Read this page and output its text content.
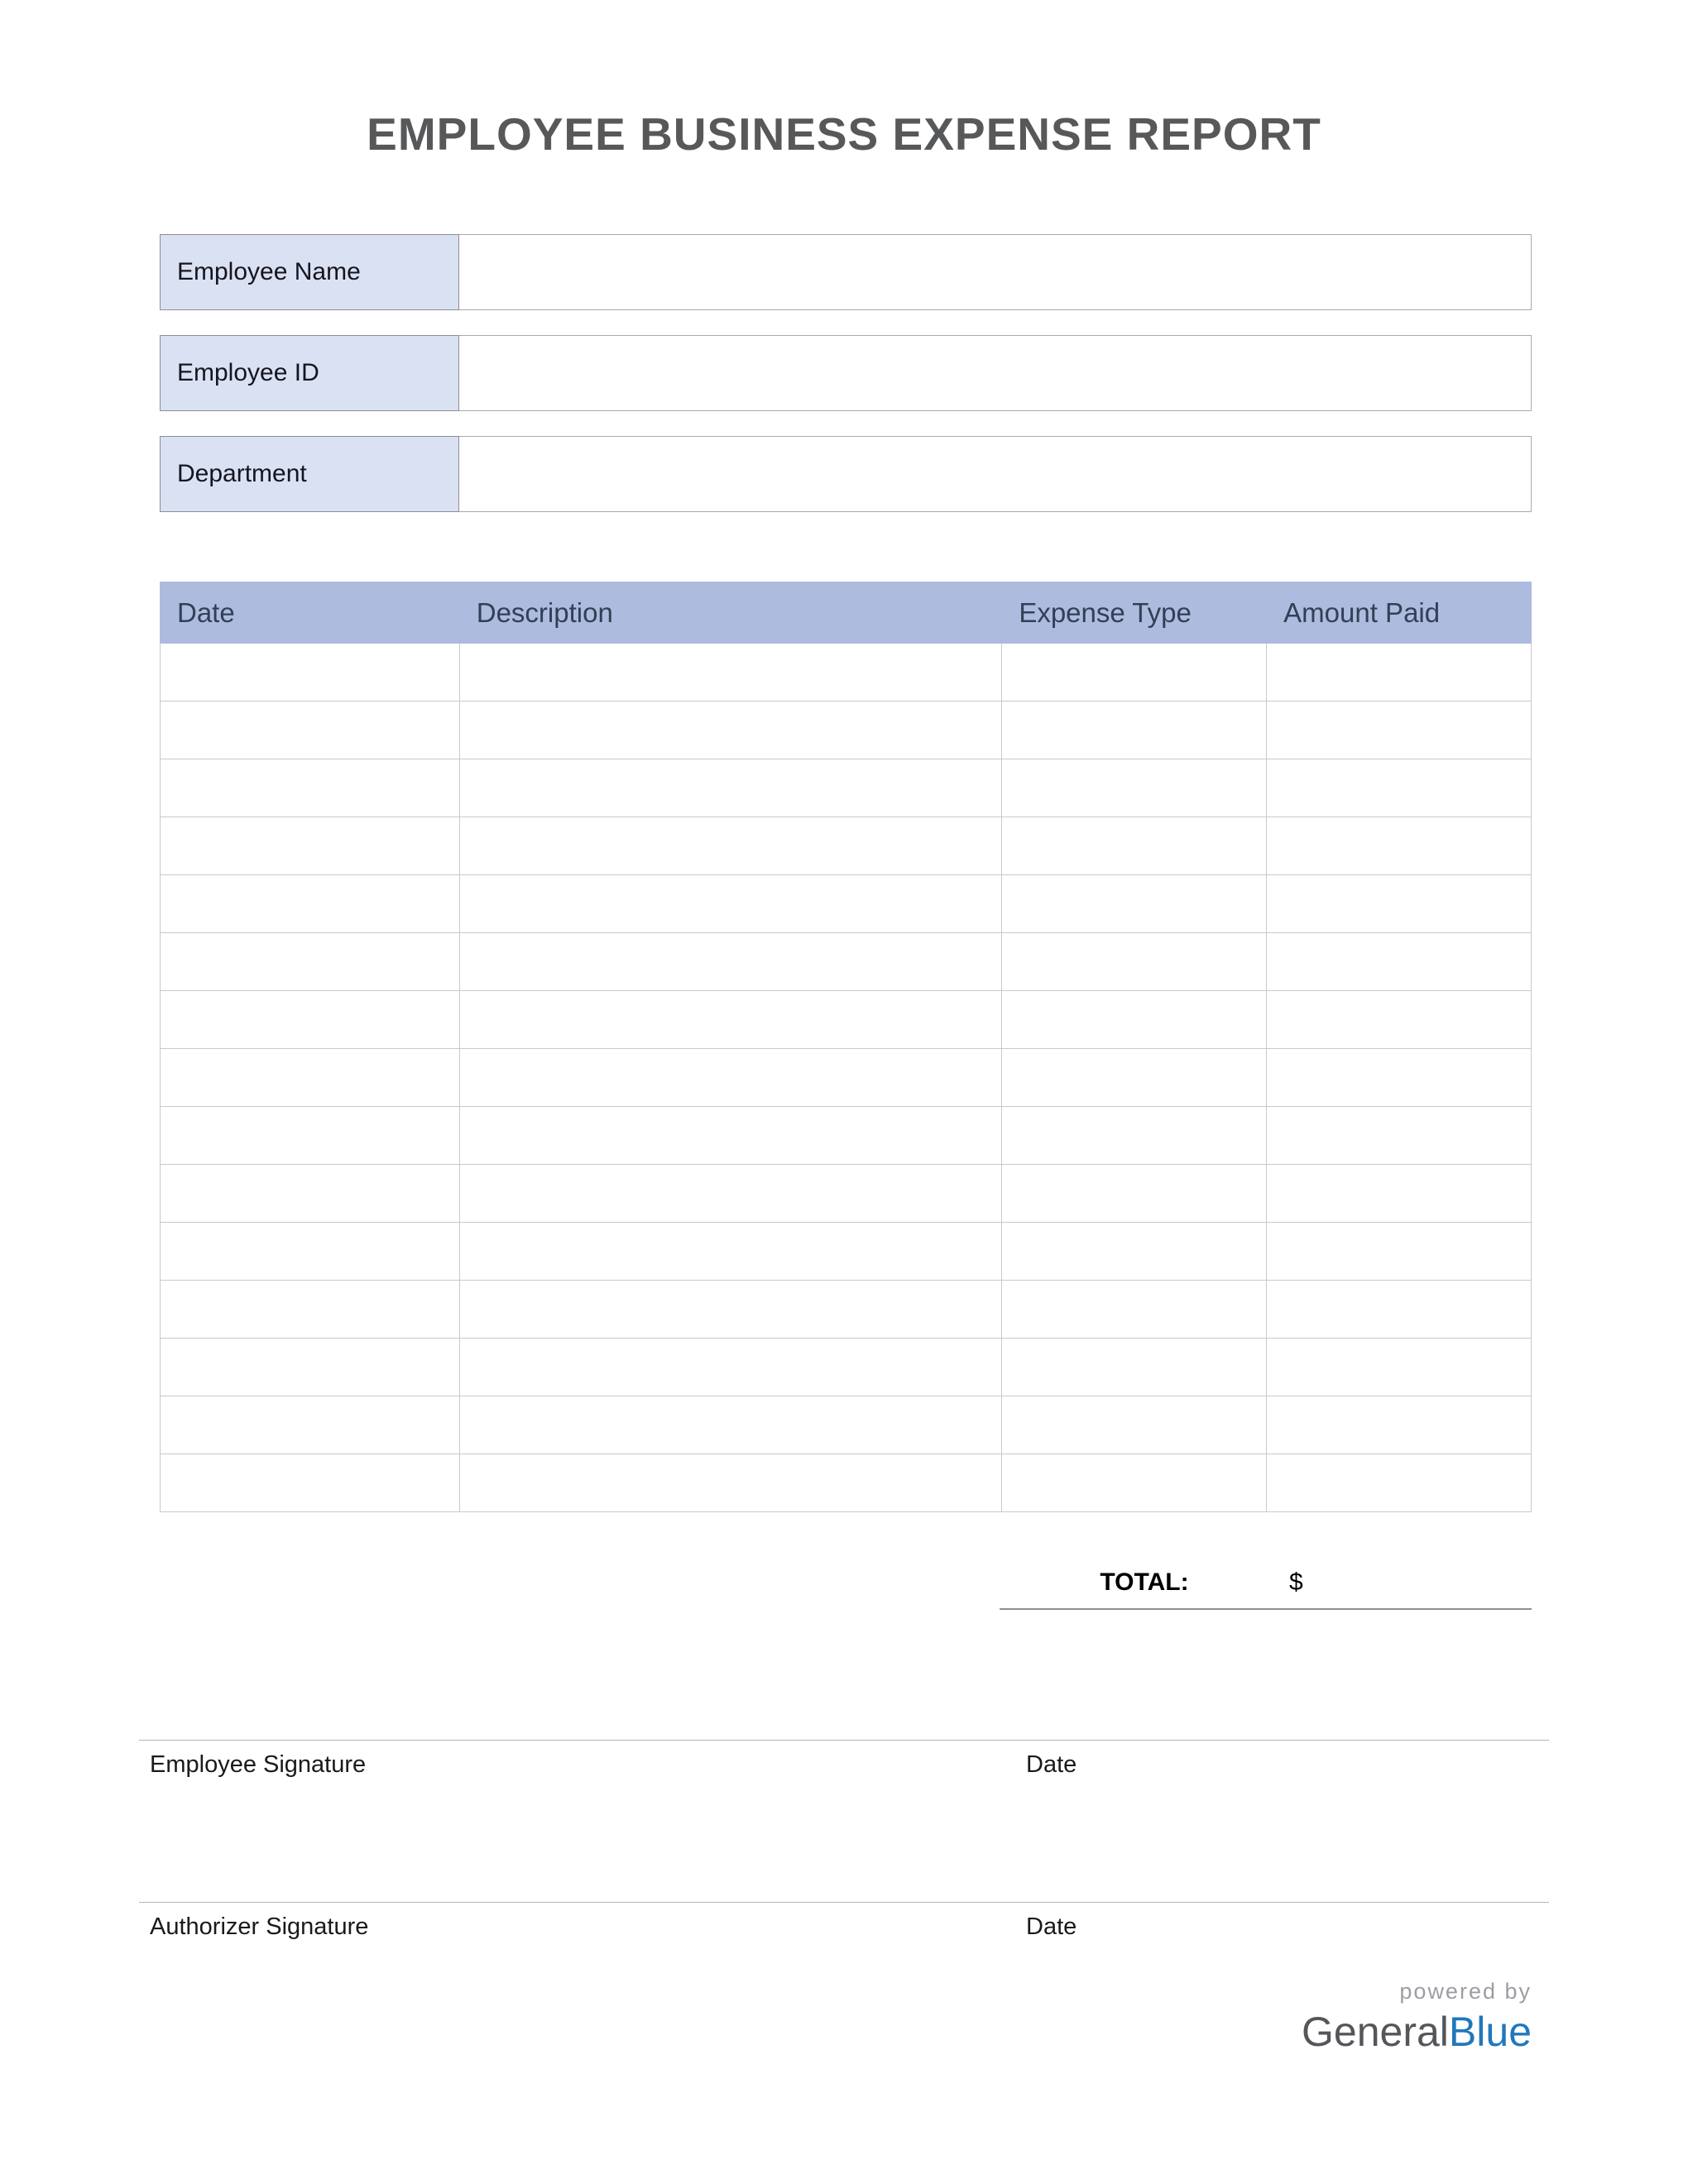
EMPLOYEE BUSINESS EXPENSE REPORT
Employee Name
Employee ID
Department
Date	Description	Expense Type	Amount Paid

TOTAL:	$
Employee Signature	Date
Authorizer Signature	Date
powered by
GeneralBlue
